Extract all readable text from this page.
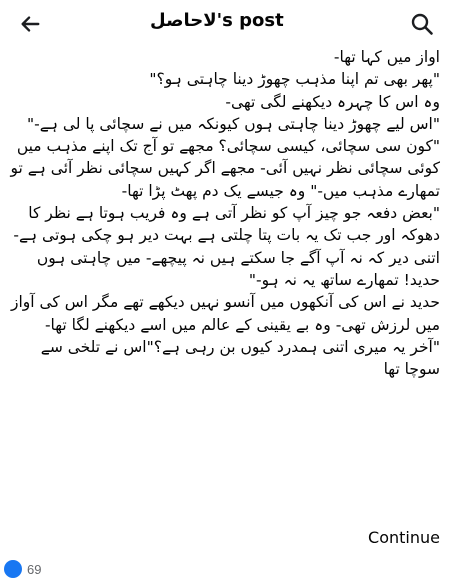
لاحاصل's post
اواز میں کہا تھا-
"پھر بھی تم اپنا مذہب چھوڑ دینا چاہتی ہو؟"
وہ اس کا چہرہ دیکھنے لگی تھی-
"اس لیے چھوڑ دینا چاہتی ہوں کیونکہ میں نے سچائی پا لی ہے-"
"کون سی سچائی، کیسی سچائی؟ مجھے تو آج تک اپنے مذہب میں کوئی سچائی نظر نہیں آئی- مجھے اگر کہیں سچائی نظر آئی ہے تو تمھارے مذہب میں-" وہ جیسے یک دم پھٹ پڑا تھا-
"بعض دفعہ جو چیز آپ کو نظر آتی ہے وہ فریب ہوتا ہے نظر کا دھوکہ اور جب تک یہ بات پتا چلتی ہے بہت دیر ہو چکی ہوتی ہے- اتنی دیر کہ نہ آپ آگے جا سکتے ہیں نہ پیچھے- میں چاہتی ہوں حدید! تمھارے ساتھ یہ نہ ہو-"
حدید نے اس کی آنکھوں میں آنسو نہیں دیکھے تھے مگر اس کی آواز میں لرزش تھی- وہ بے یقینی کے عالم میں اسے دیکھنے لگا تھا-
"آخر یہ میری اتنی ہمدرد کیوں بن رہی ہے؟"اس نے تلخی سے سوچا تھا
Continue
69
